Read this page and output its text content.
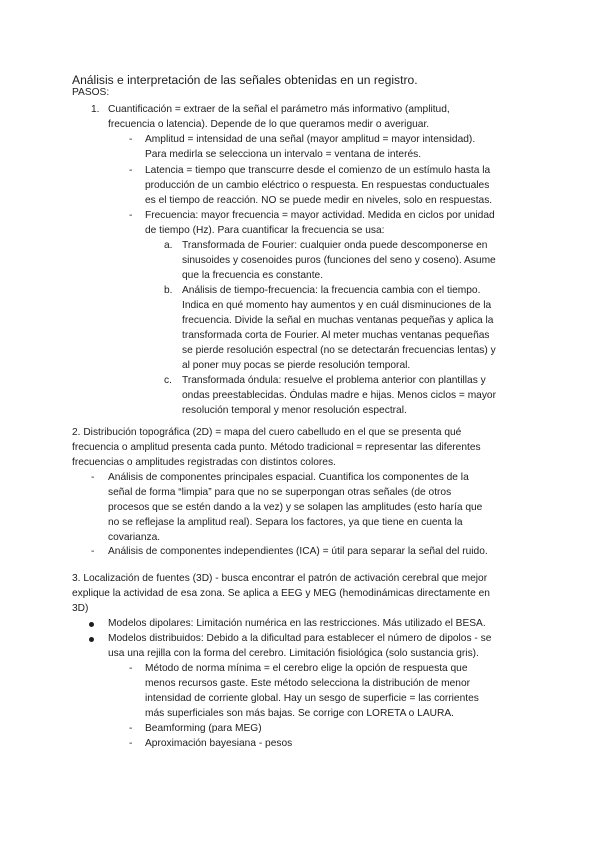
Análisis e interpretación de las señales obtenidas en un registro.
PASOS:
1. Cuantificación = extraer de la señal el parámetro más informativo (amplitud,
frecuencia o latencia). Depende de lo que queramos medir o averiguar.
- Amplitud = intensidad de una señal (mayor amplitud = mayor intensidad).
Para medirla se selecciona un intervalo = ventana de interés.
- Latencia = tiempo que transcurre desde el comienzo de un estímulo hasta la
producción de un cambio eléctrico o respuesta. En respuestas conductuales
es el tiempo de reacción. NO se puede medir en niveles, solo en respuestas.
- Frecuencia: mayor frecuencia = mayor actividad. Medida en ciclos por unidad
de tiempo (Hz). Para cuantificar la frecuencia se usa:
a. Transformada de Fourier: cualquier onda puede descomponerse en
sinusoides y cosenoides puros (funciones del seno y coseno). Asume
que la frecuencia es constante.
b. Análisis de tiempo-frecuencia: la frecuencia cambia con el tiempo.
Indica en qué momento hay aumentos y en cuál disminuciones de la
frecuencia. Divide la señal en muchas ventanas pequeñas y aplica la
transformada corta de Fourier. Al meter muchas ventanas pequeñas
se pierde resolución espectral (no se detectarán frecuencias lentas) y
al poner muy pocas se pierde resolución temporal.
c. Transformada óndula: resuelve el problema anterior con plantillas y
ondas preestablecidas. Óndulas madre e hijas. Menos ciclos = mayor
resolución temporal y menor resolución espectral.
2. Distribución topográfica (2D) = mapa del cuero cabelludo en el que se presenta qué
frecuencia o amplitud presenta cada punto. Método tradicional = representar las diferentes
frecuencias o amplitudes registradas con distintos colores.
- Análisis de componentes principales espacial. Cuantifica los componentes de la
señal de forma “limpia” para que no se superpongan otras señales (de otros
procesos que se estén dando a la vez) y se solapen las amplitudes (esto haría que
no se reflejase la amplitud real). Separa los factores, ya que tiene en cuenta la
covarianza.
- Análisis de componentes independientes (ICA) = útil para separar la señal del ruido.
3. Localización de fuentes (3D) - busca encontrar el patrón de activación cerebral que mejor
explique la actividad de esa zona. Se aplica a EEG y MEG (hemodinámicas directamente en
3D)
Modelos dipolares: Limitación numérica en las restricciones. Más utilizado el BESA.
Modelos distribuidos: Debido a la dificultad para establecer el número de dipolos - se
usa una rejilla con la forma del cerebro. Limitación fisiológica (solo sustancia gris).
- Método de norma mínima = el cerebro elige la opción de respuesta que
menos recursos gaste. Este método selecciona la distribución de menor
intensidad de corriente global. Hay un sesgo de superficie = las corrientes
más superficiales son más bajas. Se corrige con LORETA o LAURA.
- Beamforming (para MEG)
- Aproximación bayesiana - pesos
